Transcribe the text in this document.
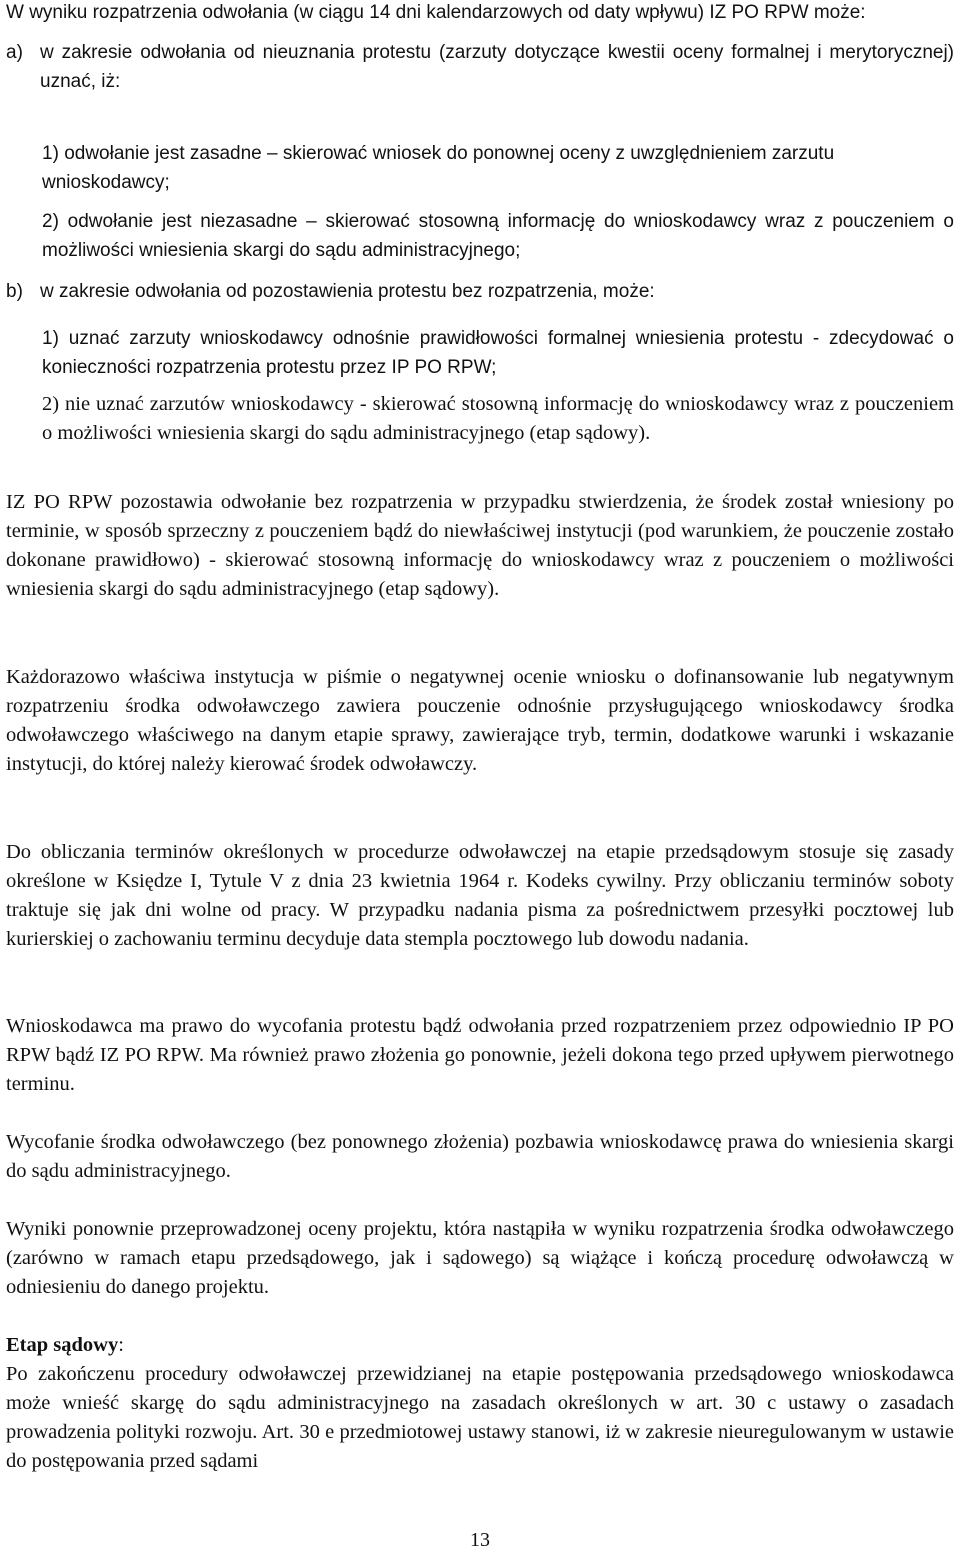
W wyniku rozpatrzenia odwołania (w ciągu 14 dni kalendarzowych od daty wpływu) IZ PO RPW może:

a) w zakresie odwołania od nieuznania protestu (zarzuty dotyczące kwestii oceny formalnej i merytorycznej) uznać, iż:

1) odwołanie jest zasadne – skierować wniosek do ponownej oceny z uwzględnieniem zarzutu wnioskodawcy;

2) odwołanie jest niezasadne – skierować stosowną informację do wnioskodawcy wraz z pouczeniem o możliwości wniesienia skargi do sądu administracyjnego;

b) w zakresie odwołania od pozostawienia protestu bez rozpatrzenia, może:

1) uznać zarzuty wnioskodawcy odnośnie prawidłowości formalnej wniesienia protestu - zdecydować o konieczności rozpatrzenia protestu przez IP PO RPW;

2) nie uznać zarzutów wnioskodawcy - skierować stosowną informację do wnioskodawcy wraz z pouczeniem o możliwości wniesienia skargi do sądu administracyjnego (etap sądowy).

IZ PO RPW pozostawia odwołanie bez rozpatrzenia w przypadku stwierdzenia, że środek został wniesiony po terminie, w sposób sprzeczny z pouczeniem bądź do niewłaściwej instytucji (pod warunkiem, że pouczenie zostało dokonane prawidłowo) - skierować stosowną informację do wnioskodawcy wraz z pouczeniem o możliwości wniesienia skargi do sądu administracyjnego (etap sądowy).

Każdorazowo właściwa instytucja w piśmie o negatywnej ocenie wniosku o dofinansowanie lub negatywnym rozpatrzeniu środka odwoławczego zawiera pouczenie odnośnie przysługującego wnioskodawcy środka odwoławczego właściwego na danym etapie sprawy, zawierające tryb, termin, dodatkowe warunki i wskazanie instytucji, do której należy kierować środek odwoławczy.

Do obliczania terminów określonych w procedurze odwoławczej na etapie przedsądowym stosuje się zasady określone w Księdze I, Tytule V z dnia 23 kwietnia 1964 r. Kodeks cywilny. Przy obliczaniu terminów soboty traktuje się jak dni wolne od pracy. W przypadku nadania pisma za pośrednictwem przesyłki pocztowej lub kurierskiej o zachowaniu terminu decyduje data stempla pocztowego lub dowodu nadania.

Wnioskodawca ma prawo do wycofania protestu bądź odwołania przed rozpatrzeniem przez odpowiednio IP PO RPW bądź IZ PO RPW. Ma również prawo złożenia go ponownie, jeżeli dokona tego przed upływem pierwotnego terminu.

Wycofanie środka odwoławczego (bez ponownego złożenia) pozbawia wnioskodawcę prawa do wniesienia skargi do sądu administracyjnego.

Wyniki ponownie przeprowadzonej oceny projektu, która nastąpiła w wyniku rozpatrzenia środka odwoławczego (zarówno w ramach etapu przedsądowego, jak i sądowego) są wiążące i kończą procedurę odwoławczą w odniesieniu do danego projektu.

Etap sądowy:

Po zakończenu procedury odwoławczej przewidzianej na etapie postępowania przedsądowego wnioskodawca może wnieść skargę do sądu administracyjnego na zasadach określonych w art. 30 c ustawy o zasadach prowadzenia polityki rozwoju. Art. 30 e przedmiotowej ustawy stanowi, iż w zakresie nieuregulowanym w ustawie do postępowania przed sądami

13
